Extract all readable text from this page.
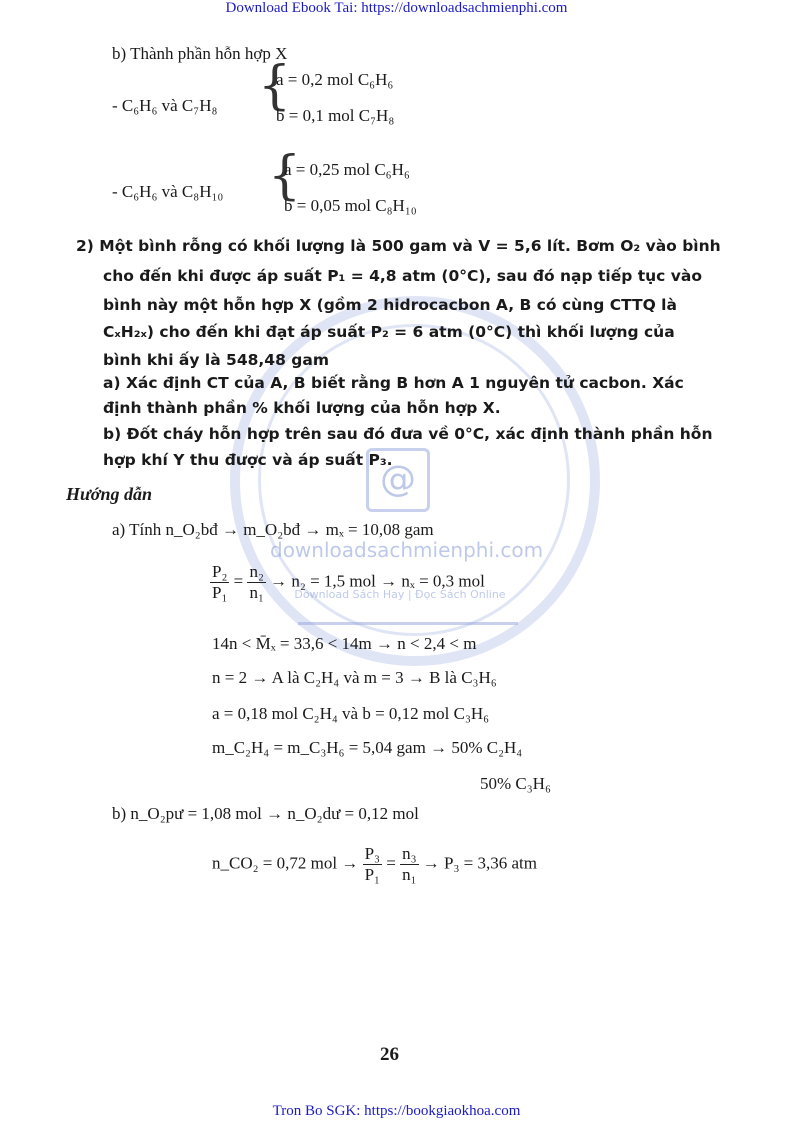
Download Ebook Tai: https://downloadsachmienphi.com
Tron Bo SGK: https://bookgiaokhoa.com
@
downloadsachmienphi.com
Download Sách Hay | Đọc Sách Online
b) Thành phần hỗn hợp X
- C₆H₆ và C₇H₈ {
a = 0,2 mol C₆H₆
b = 0,1 mol C₇H₈
- C₆H₆ và C₈H₁₀ {
a = 0,25 mol C₆H₆
b = 0,05 mol C₈H₁₀
2) Một bình rỗng có khối lượng là 500 gam và V = 5,6 lít. Bơm O₂ vào bình
cho đến khi được áp suất P₁ = 4,8 atm (0°C), sau đó nạp tiếp tục vào
bình này một hỗn hợp X (gồm 2 hidrocacbon A, B có cùng CTTQ là
CₓH₂ₓ) cho đến khi đạt áp suất P₂ = 6 atm (0°C) thì khối lượng của
bình khi ấy là 548,48 gam
a) Xác định CT của A, B biết rằng B hơn A 1 nguyên tử cacbon. Xác
định thành phần % khối lượng của hỗn hợp X.
b) Đốt cháy hỗn hợp trên sau đó đưa về 0°C, xác định thành phần hỗn
hợp khí Y thu được và áp suất P₃.
Hướng dẫn
a) Tính n_O₂bđ → m_O₂bđ → mₓ = 10,08 gam
$\frac{\text{P₂}}{\text{P₁}} = \frac{\text{n₂}}{\text{n₁}} \to n_2 = 1,5$ mol → nₓ = 0,3 mol
14n < M̄ₓ = 33,6 < 14m → n < 2,4 < m
n = 2 → A là C₂H₄ và m = 3 → B là C₃H₆
a = 0,18 mol C₂H₄ và b = 0,12 mol C₃H₆
m_C₂H₄ = m_C₃H₆ = 5,04 gam → 50% C₂H₄
50% C₃H₆
b) n_O₂pư = 1,08 mol → n_O₂dư = 0,12 mol
n_CO₂ = 0,72 mol → $\frac{\text{P₃}}{\text{P₁}} = \frac{\text{n₃}}{\text{n₁}} \to P_3 = 3,36$ atm
26
